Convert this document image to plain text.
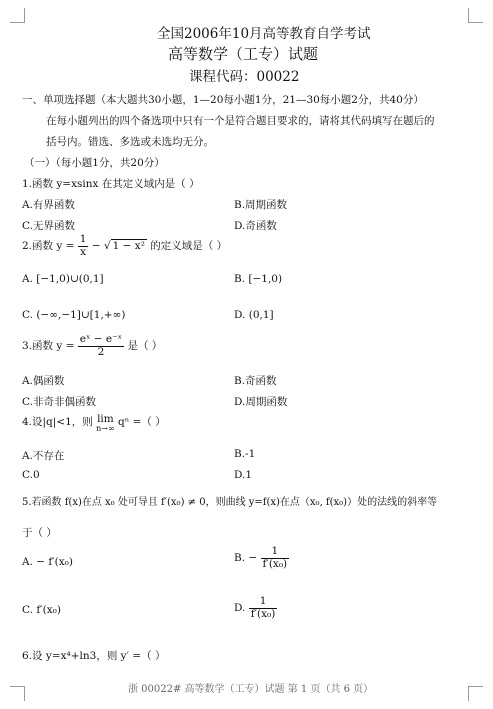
全国2006年10月高等教育自学考试
高等数学（工专）试题
课程代码：00022
一、单项选择题（本大题共30小题，1—20每小题1分，21—30每小题2分，共40分）
在每小题列出的四个备选项中只有一个是符合题目要求的，请将其代码填写在题后的
括号内。错选、多选或未选均无分。
（一）（每小题1分，共20分）
1.函数 y=xsinx 在其定义域内是（ ）
A.有界函数	B.周期函数
C.无界函数	D.奇函数
2.函数 $y = \frac{1}{x}$ − √ 1 − x² 的定义域是（ ）
A. [−1,0)∪(0,1]	B. [−1,0)
C. (−∞,−1]∪[1,+∞)	D. (0,1]
3.函数 $y = \frac{\text{eˣ − e⁻ˣ}}{2}$ 是（ ）
A.偶函数	B.奇函数
C.非奇非偶函数	D.周期函数
4.设|q|<1，则 lim
n→∞ qⁿ =（ ）
A.不存在	B.-1
C.0	D.1
5.若函数 f(x)在点 x₀ 处可导且 f′(x₀) ≠ 0，则曲线 y=f(x)在点（x₀, f(x₀)）处的法线的斜率等
于（ ）
A. − f′(x₀)	B. − $\frac{1}{\text{f′(x₀)}}$
C. f′(x₀)	D. $\frac{1}{\text{f′(x₀)}}$
6.设 y=x⁴+ln3，则 y′ =（ ）
浙 00022# 高等数学（工专）试题 第 1 页（共 6 页）
